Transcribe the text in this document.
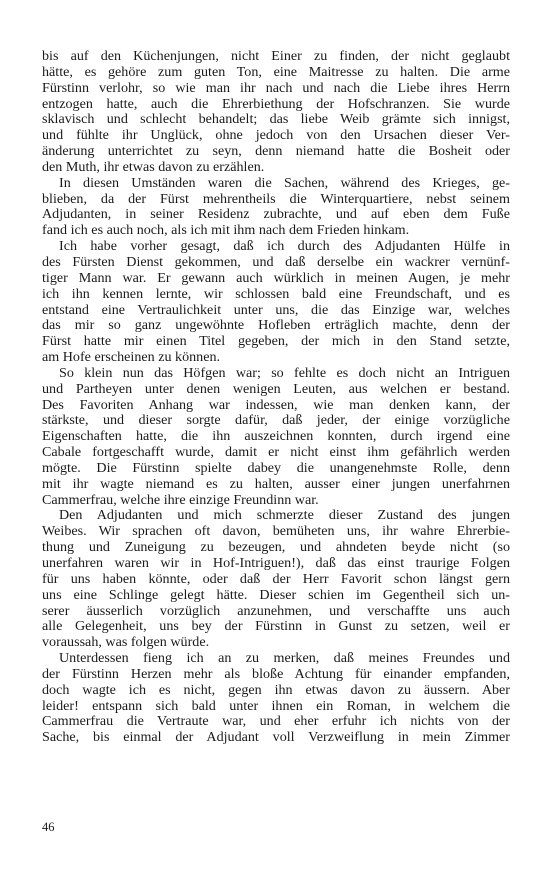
bis auf den Küchenjungen, nicht Einer zu finden, der nicht geglaubt
hätte, es gehöre zum guten Ton, eine Maitresse zu halten. Die arme
Fürstinn verlohr, so wie man ihr nach und nach die Liebe ihres Herrn
entzogen hatte, auch die Ehrerbiethung der Hofschranzen. Sie wurde
sklavisch und schlecht behandelt; das liebe Weib grämte sich innigst,
und fühlte ihr Unglück, ohne jedoch von den Ursachen dieser Ver-
änderung unterrichtet zu seyn, denn niemand hatte die Bosheit oder
den Muth, ihr etwas davon zu erzählen.
In diesen Umständen waren die Sachen, während des Krieges, ge-
blieben, da der Fürst mehrentheils die Winterquartiere, nebst seinem
Adjudanten, in seiner Residenz zubrachte, und auf eben dem Fuße
fand ich es auch noch, als ich mit ihm nach dem Frieden hinkam.
Ich habe vorher gesagt, daß ich durch des Adjudanten Hülfe in
des Fürsten Dienst gekommen, und daß derselbe ein wackrer vernünf-
tiger Mann war. Er gewann auch würklich in meinen Augen, je mehr
ich ihn kennen lernte, wir schlossen bald eine Freundschaft, und es
entstand eine Vertraulichkeit unter uns, die das Einzige war, welches
das mir so ganz ungewöhnte Hofleben erträglich machte, denn der
Fürst hatte mir einen Titel gegeben, der mich in den Stand setzte,
am Hofe erscheinen zu können.
So klein nun das Höfgen war; so fehlte es doch nicht an Intriguen
und Partheyen unter denen wenigen Leuten, aus welchen er bestand.
Des Favoriten Anhang war indessen, wie man denken kann, der
stärkste, und dieser sorgte dafür, daß jeder, der einige vorzügliche
Eigenschaften hatte, die ihn auszeichnen konnten, durch irgend eine
Cabale fortgeschafft wurde, damit er nicht einst ihm gefährlich werden
mögte. Die Fürstinn spielte dabey die unangenehmste Rolle, denn
mit ihr wagte niemand es zu halten, ausser einer jungen unerfahrnen
Cammerfrau, welche ihre einzige Freundinn war.
Den Adjudanten und mich schmerzte dieser Zustand des jungen
Weibes. Wir sprachen oft davon, bemüheten uns, ihr wahre Ehrerbie-
thung und Zuneigung zu bezeugen, und ahndeten beyde nicht (so
unerfahren waren wir in Hof-Intriguen!), daß das einst traurige Folgen
für uns haben könnte, oder daß der Herr Favorit schon längst gern
uns eine Schlinge gelegt hätte. Dieser schien im Gegentheil sich un-
serer äusserlich vorzüglich anzunehmen, und verschaffte uns auch
alle Gelegenheit, uns bey der Fürstinn in Gunst zu setzen, weil er
voraussah, was folgen würde.
Unterdessen fieng ich an zu merken, daß meines Freundes und
der Fürstinn Herzen mehr als bloße Achtung für einander empfanden,
doch wagte ich es nicht, gegen ihn etwas davon zu äussern. Aber
leider! entspann sich bald unter ihnen ein Roman, in welchem die
Cammerfrau die Vertraute war, und eher erfuhr ich nichts von der
Sache, bis einmal der Adjudant voll Verzweiflung in mein Zimmer
46
